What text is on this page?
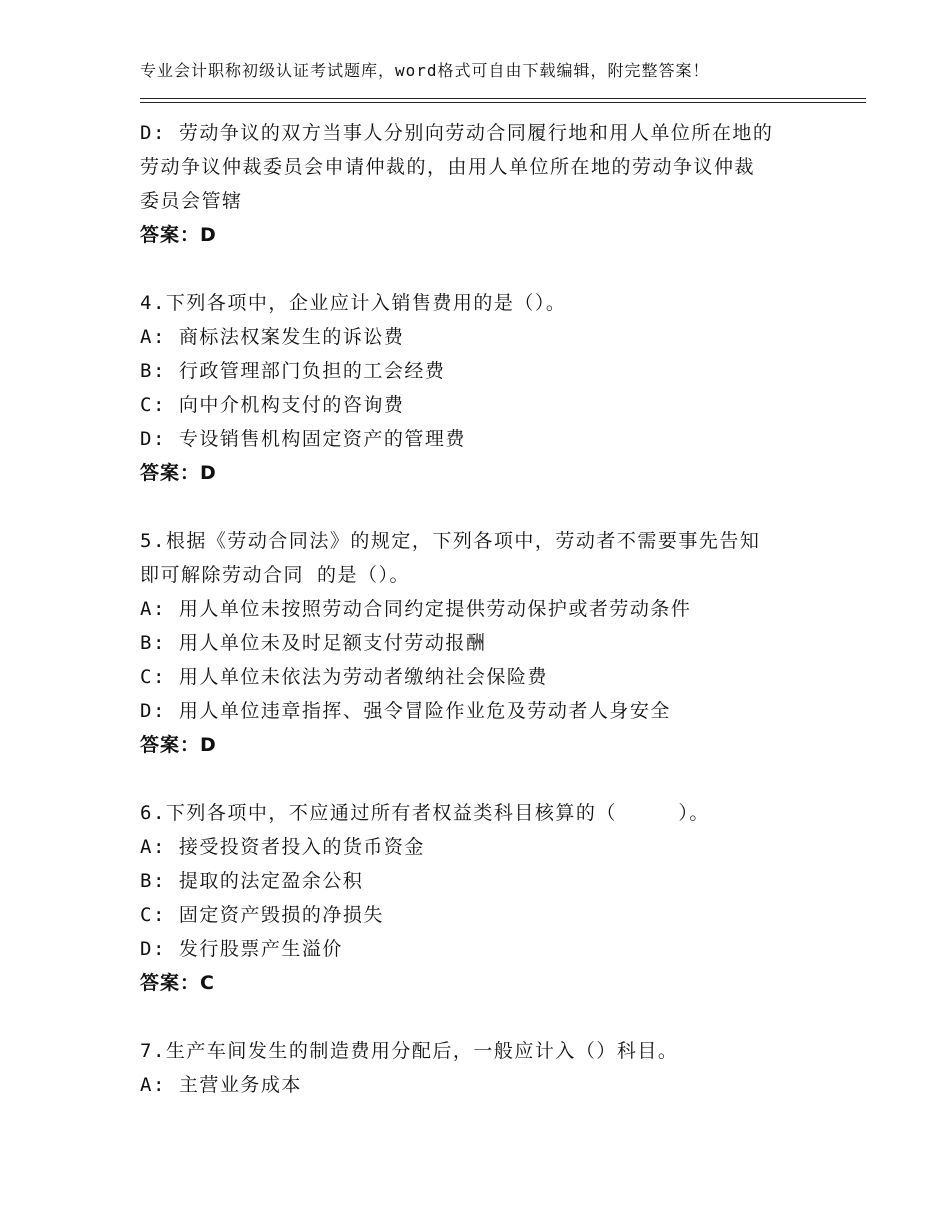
专业会计职称初级认证考试题库，word格式可自由下载编辑，附完整答案！
D: 劳动争议的双方当事人分别向劳动合同履行地和用人单位所在地的
劳动争议仲裁委员会申请仲裁的，由用人单位所在地的劳动争议仲裁
委员会管辖
答案：D
4.下列各项中，企业应计入销售费用的是（）。
A: 商标法权案发生的诉讼费
B: 行政管理部门负担的工会经费
C: 向中介机构支付的咨询费
D: 专设销售机构固定资产的管理费
答案：D
5.根据《劳动合同法》的规定，下列各项中，劳动者不需要事先告知
即可解除劳动合同 的是（）。
A: 用人单位未按照劳动合同约定提供劳动保护或者劳动条件
B: 用人单位未及时足额支付劳动报酬
C: 用人单位未依法为劳动者缴纳社会保险费
D: 用人单位违章指挥、强令冒险作业危及劳动者人身安全
答案：D
6.下列各项中，不应通过所有者权益类科目核算的（　　　）。
A: 接受投资者投入的货币资金
B: 提取的法定盈余公积
C: 固定资产毁损的净损失
D: 发行股票产生溢价
答案：C
7.生产车间发生的制造费用分配后，一般应计入（）科目。
A: 主营业务成本
